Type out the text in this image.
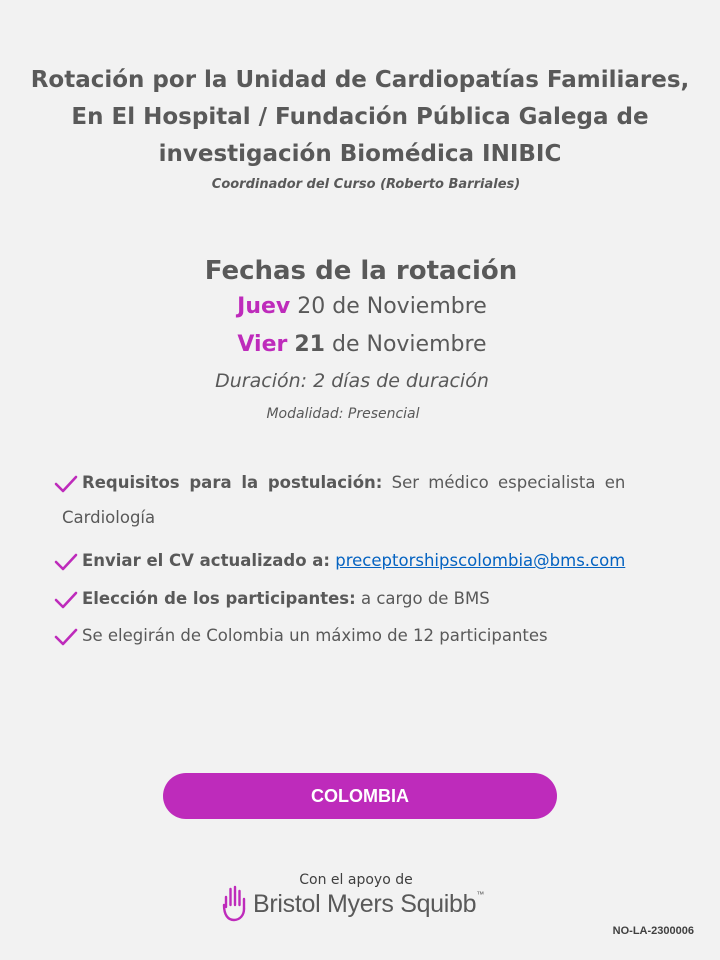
Rotación por la Unidad de Cardiopatías Familiares,
En El Hospital / Fundación Pública Galega de
investigación Biomédica INIBIC
Coordinador del Curso (Roberto Barriales)
Fechas de la rotación
Juev 20 de Noviembre
Vier 21 de Noviembre
Duración: 2 días de duración
Modalidad: Presencial
Requisitos para la postulación: Ser médico especialista en
Cardiología
Enviar el CV actualizado a: preceptorshipscolombia@bms.com
Elección de los participantes: a cargo de BMS
Se elegirán de Colombia un máximo de 12 participantes
COLOMBIA
Con el apoyo de
Bristol Myers Squibb™
NO-LA-2300006
